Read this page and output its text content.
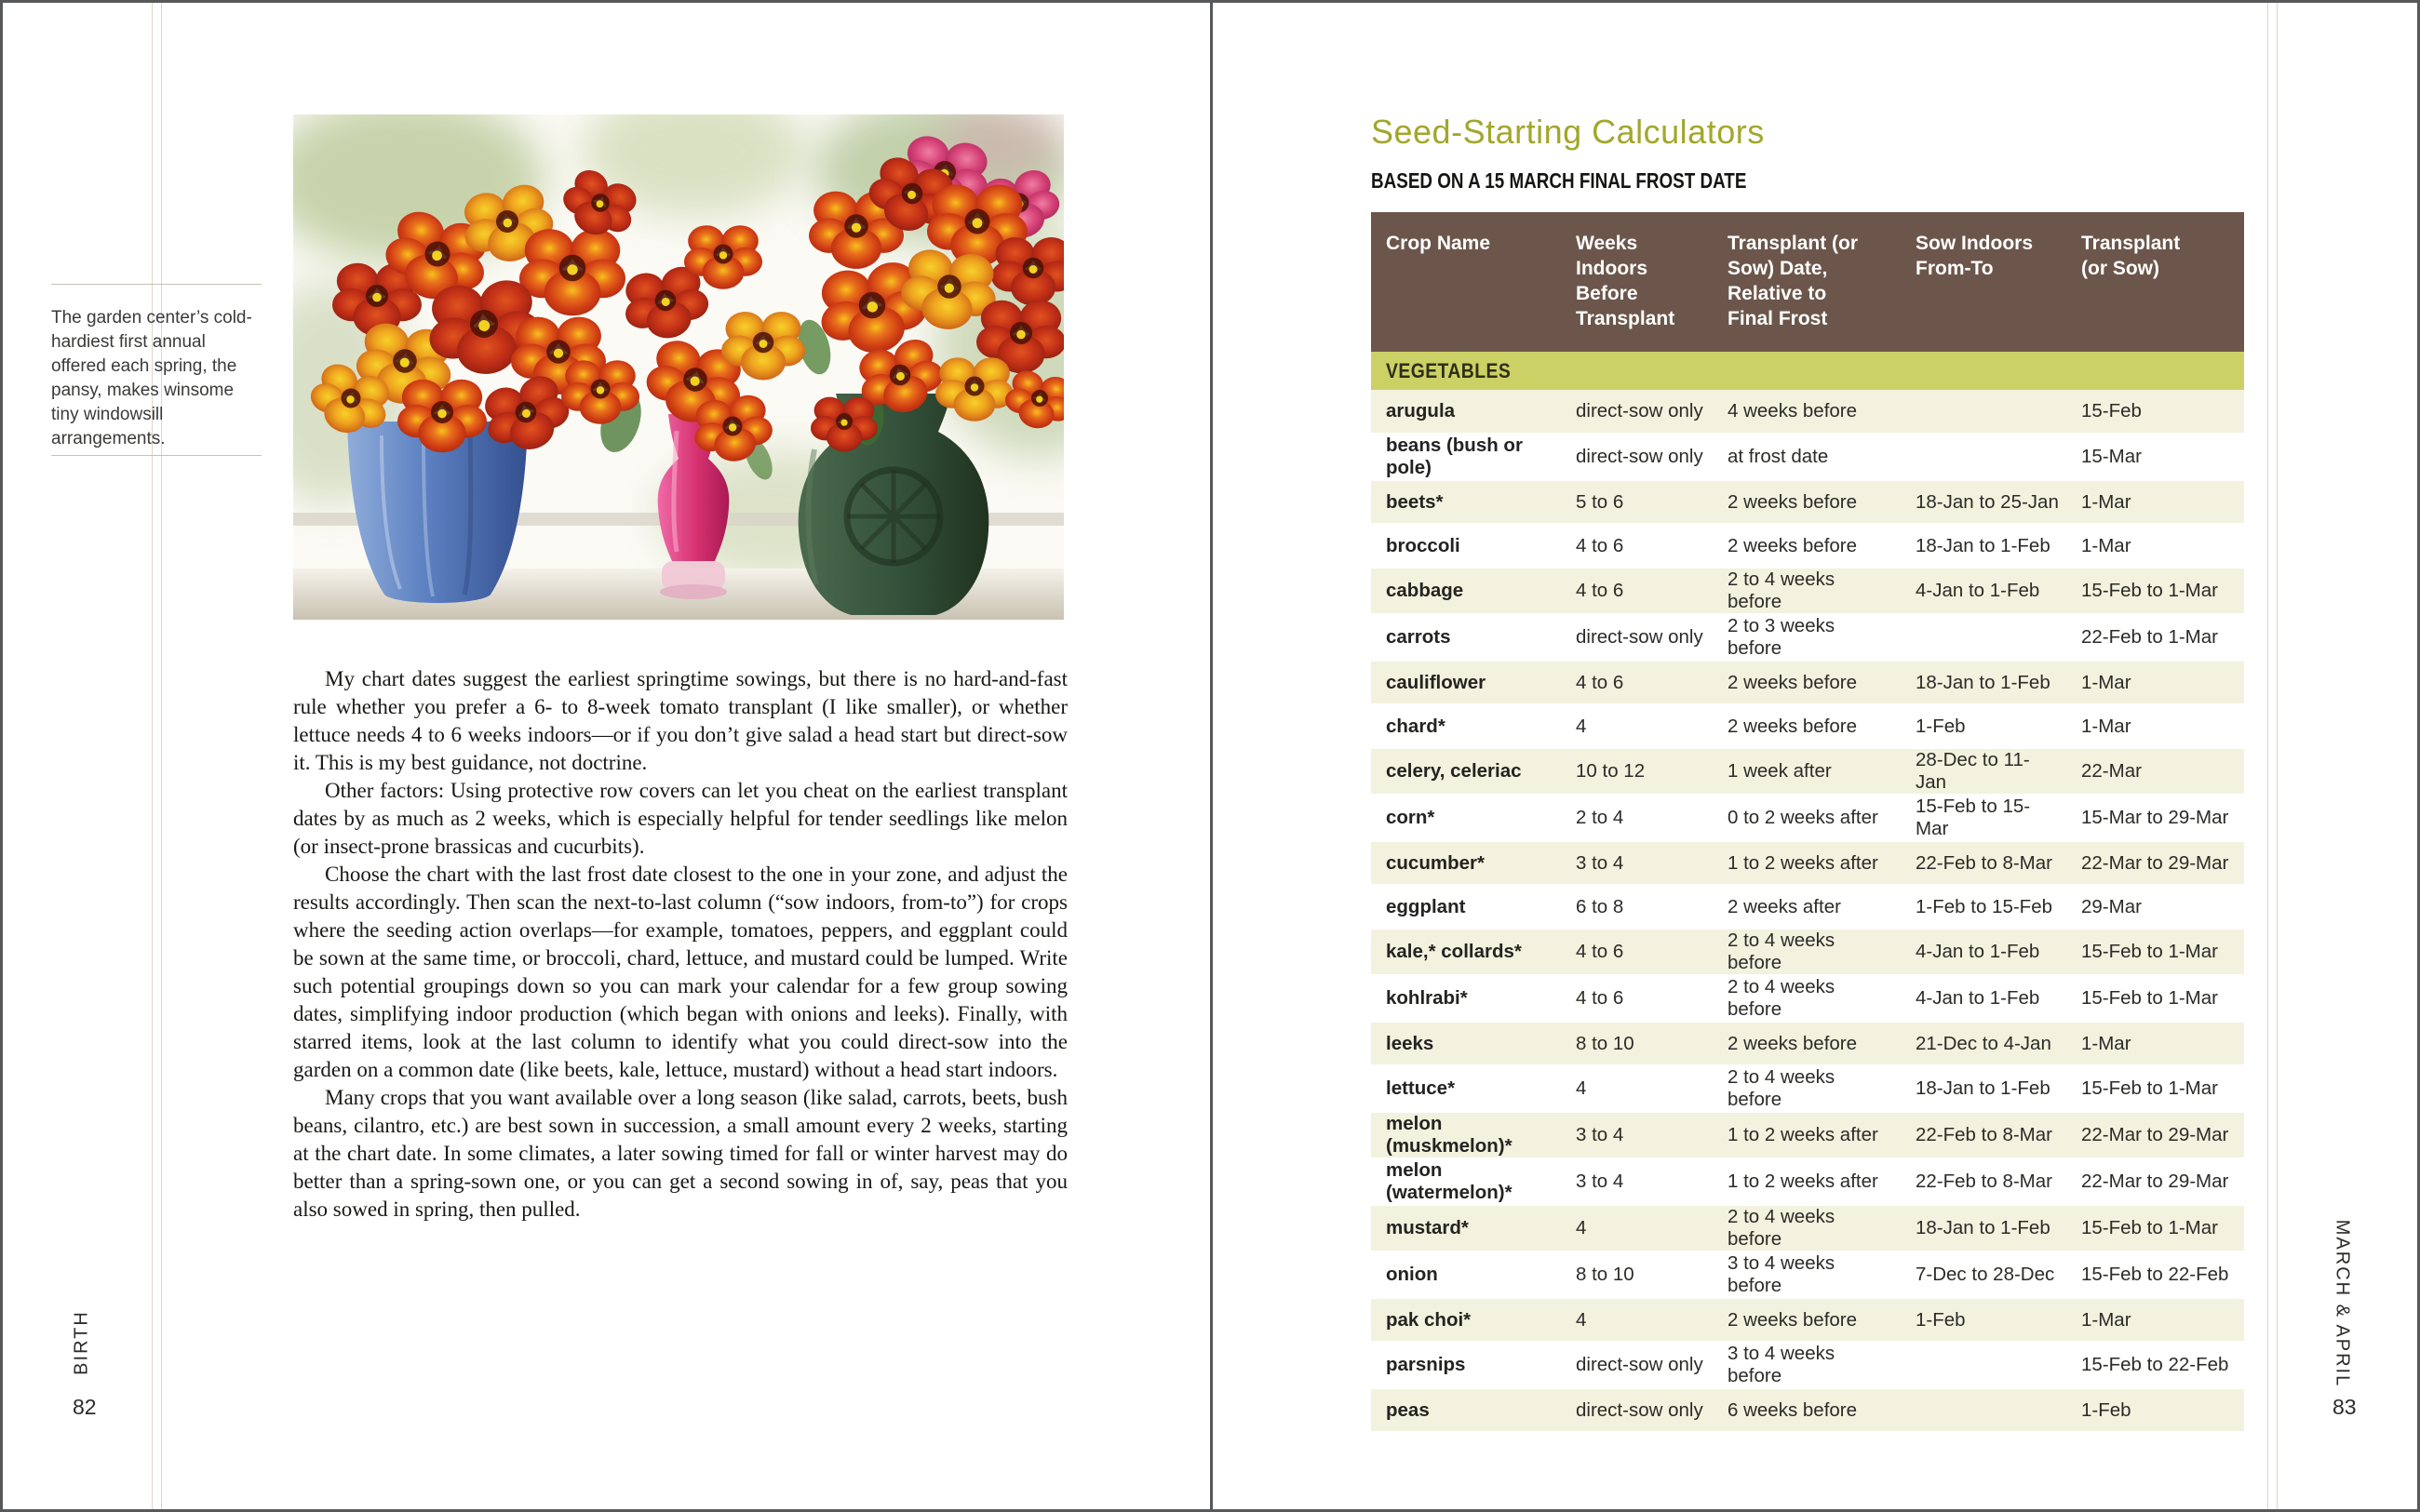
The garden center’s cold-hardiest first annual offered each spring, the pansy, makes winsome tiny windowsill arrangements.

My chart dates suggest the earliest springtime sowings, but there is no hard-and-fast rule whether you prefer a 6- to 8-week tomato transplant (I like smaller), or whether lettuce needs 4 to 6 weeks indoors—or if you don’t give salad a head start but direct-sow it. This is my best guidance, not doctrine.

Other factors: Using protective row covers can let you cheat on the earliest transplant dates by as much as 2 weeks, which is especially helpful for tender seedlings like melon (or insect-prone brassicas and cucurbits).

Choose the chart with the last frost date closest to the one in your zone, and adjust the results accordingly. Then scan the next-to-last column (“sow indoors, from-to”) for crops where the seeding action overlaps—for example, tomatoes, peppers, and eggplant could be sown at the same time, or broccoli, chard, lettuce, and mustard could be lumped. Write such potential groupings down so you can mark your calendar for a few group sowing dates, simplifying indoor production (which began with onions and leeks). Finally, with starred items, look at the last column to identify what you could direct-sow into the garden on a common date (like beets, kale, lettuce, mustard) without a head start indoors.

Many crops that you want available over a long season (like salad, carrots, beets, bush beans, cilantro, etc.) are best sown in succession, a small amount every 2 weeks, starting at the chart date. In some climates, a later sowing timed for fall or winter harvest may do better than a spring-sown one, or you can get a second sowing in of, say, peas that you also sowed in spring, then pulled.

BIRTH
82
Seed-Starting Calculators
BASED ON A 15 MARCH FINAL FROST DATE
Crop Name	Weeks Indoors Before Transplant	Transplant (or Sow) Date, Relative to Final Frost	Sow Indoors From-To	Transplant (or Sow)
VEGETABLES				
arugula	direct-sow only	4 weeks before		15-Feb
beans (bush or pole)	direct-sow only	at frost date		15-Mar
beets*	5 to 6	2 weeks before	18-Jan to 25-Jan	1-Mar
broccoli	4 to 6	2 weeks before	18-Jan to 1-Feb	1-Mar
cabbage	4 to 6	2 to 4 weeks before	4-Jan to 1-Feb	15-Feb to 1-Mar
carrots	direct-sow only	2 to 3 weeks before		22-Feb to 1-Mar
cauliflower	4 to 6	2 weeks before	18-Jan to 1-Feb	1-Mar
chard*	4	2 weeks before	1-Feb	1-Mar
celery, celeriac	10 to 12	1 week after	28-Dec to 11-Jan	22-Mar
corn*	2 to 4	0 to 2 weeks after	15-Feb to 15-Mar	15-Mar to 29-Mar
cucumber*	3 to 4	1 to 2 weeks after	22-Feb to 8-Mar	22-Mar to 29-Mar
eggplant	6 to 8	2 weeks after	1-Feb to 15-Feb	29-Mar
kale,* collards*	4 to 6	2 to 4 weeks before	4-Jan to 1-Feb	15-Feb to 1-Mar
kohlrabi*	4 to 6	2 to 4 weeks before	4-Jan to 1-Feb	15-Feb to 1-Mar
leeks	8 to 10	2 weeks before	21-Dec to 4-Jan	1-Mar
lettuce*	4	2 to 4 weeks before	18-Jan to 1-Feb	15-Feb to 1-Mar
melon (muskmelon)*	3 to 4	1 to 2 weeks after	22-Feb to 8-Mar	22-Mar to 29-Mar
melon (watermelon)*	3 to 4	1 to 2 weeks after	22-Feb to 8-Mar	22-Mar to 29-Mar
mustard*	4	2 to 4 weeks before	18-Jan to 1-Feb	15-Feb to 1-Mar
onion	8 to 10	3 to 4 weeks before	7-Dec to 28-Dec	15-Feb to 22-Feb
pak choi*	4	2 weeks before	1-Feb	1-Mar
parsnips	direct-sow only	3 to 4 weeks before		15-Feb to 22-Feb
peas	direct-sow only	6 weeks before		1-Feb
MARCH & APRIL
83
